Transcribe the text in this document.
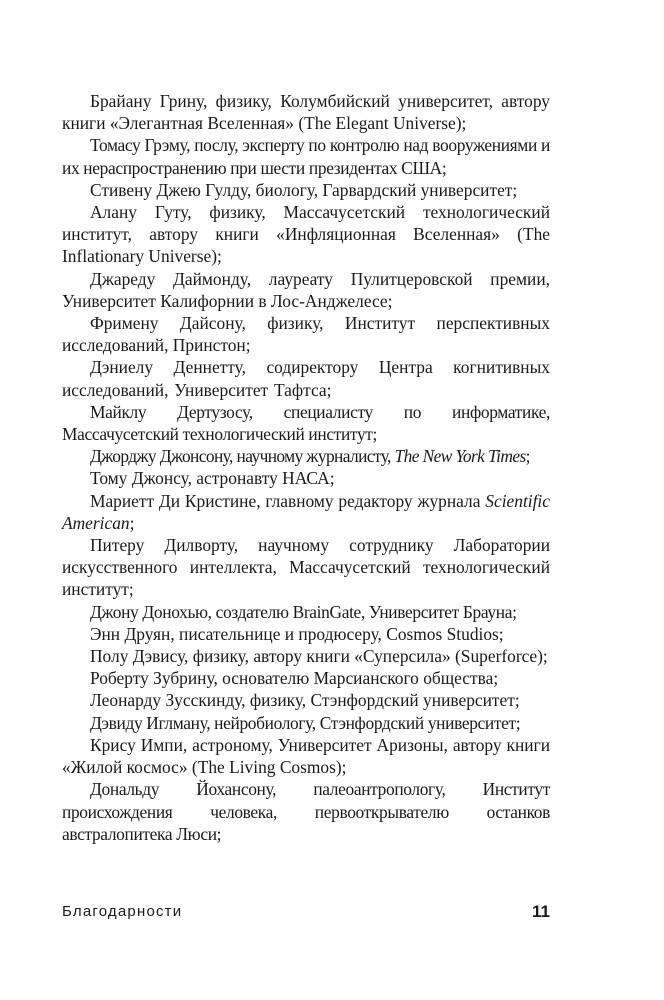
Брайану Грину, физику, Колумбийский университет, автору книги «Элегантная Вселенная» (The Elegant Universe);

Томасу Грэму, послу, эксперту по контролю над вооружениями и их нераспространению при шести президентах США;

Стивену Джею Гулду, биологу, Гарвардский университет;

Алану Гуту, физику, Массачусетский технологический институт, автору книги «Инфляционная Вселенная» (The Inflationary Universe);

Джареду Даймонду, лауреату Пулитцеровской премии, Университет Калифорнии в Лос-Анджелесе;

Фримену Дайсону, физику, Институт перспективных исследований, Принстон;

Дэниелу Деннетту, содиректору Центра когнитивных исследований, Университет Тафтса;

Майклу Дертузосу, специалисту по информатике, Массачусетский технологический институт;

Джорджу Джонсону, научному журналисту, The New York Times;

Тому Джонсу, астронавту НАСА;

Мариетт Ди Кристине, главному редактору журнала Scientific American;

Питеру Дилворту, научному сотруднику Лаборатории искусственного интеллекта, Массачусетский технологический институт;

Джону Донохью, создателю BrainGate, Университет Брауна;

Энн Друян, писательнице и продюсеру, Cosmos Studios;

Полу Дэвису, физику, автору книги «Суперсила» (Superforce);

Роберту Зубрину, основателю Марсианского общества;

Леонарду Зусскинду, физику, Стэнфордский университет;

Дэвиду Иглману, нейробиологу, Стэнфордский университет;

Крису Импи, астроному, Университет Аризоны, автору книги «Жилой космос» (The Living Cosmos);

Дональду Йохансону, палеоантропологу, Институт происхождения человека, первооткрывателю останков австралопитека Люси;

Благодарности	11
